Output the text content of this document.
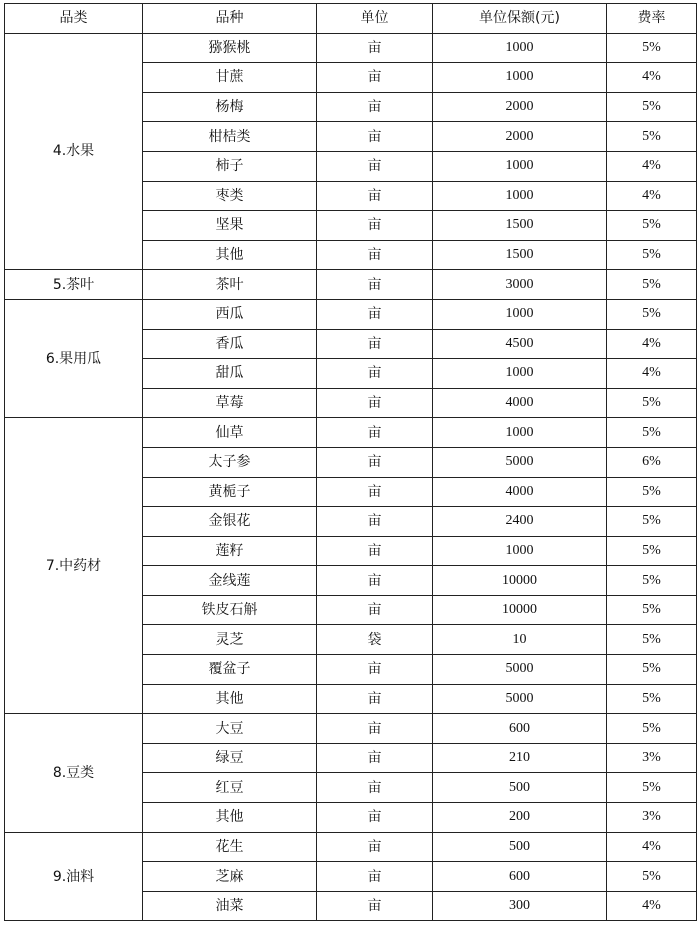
品类	品种	单位	单位保额(元)	费率
4.水果	猕猴桃	亩	1000	5%
	甘蔗	亩	1000	4%
	杨梅	亩	2000	5%
	柑桔类	亩	2000	5%
	柿子	亩	1000	4%
	枣类	亩	1000	4%
	坚果	亩	1500	5%
	其他	亩	1500	5%
5.茶叶	茶叶	亩	3000	5%
6.果用瓜	西瓜	亩	1000	5%
	香瓜	亩	4500	4%
	甜瓜	亩	1000	4%
	草莓	亩	4000	5%
7.中药材	仙草	亩	1000	5%
	太子参	亩	5000	6%
	黄栀子	亩	4000	5%
	金银花	亩	2400	5%
	莲籽	亩	1000	5%
	金线莲	亩	10000	5%
	铁皮石斛	亩	10000	5%
	灵芝	袋	10	5%
	覆盆子	亩	5000	5%
	其他	亩	5000	5%
8.豆类	大豆	亩	600	5%
	绿豆	亩	210	3%
	红豆	亩	500	5%
	其他	亩	200	3%
9.油料	花生	亩	500	4%
	芝麻	亩	600	5%
	油菜	亩	300	4%
